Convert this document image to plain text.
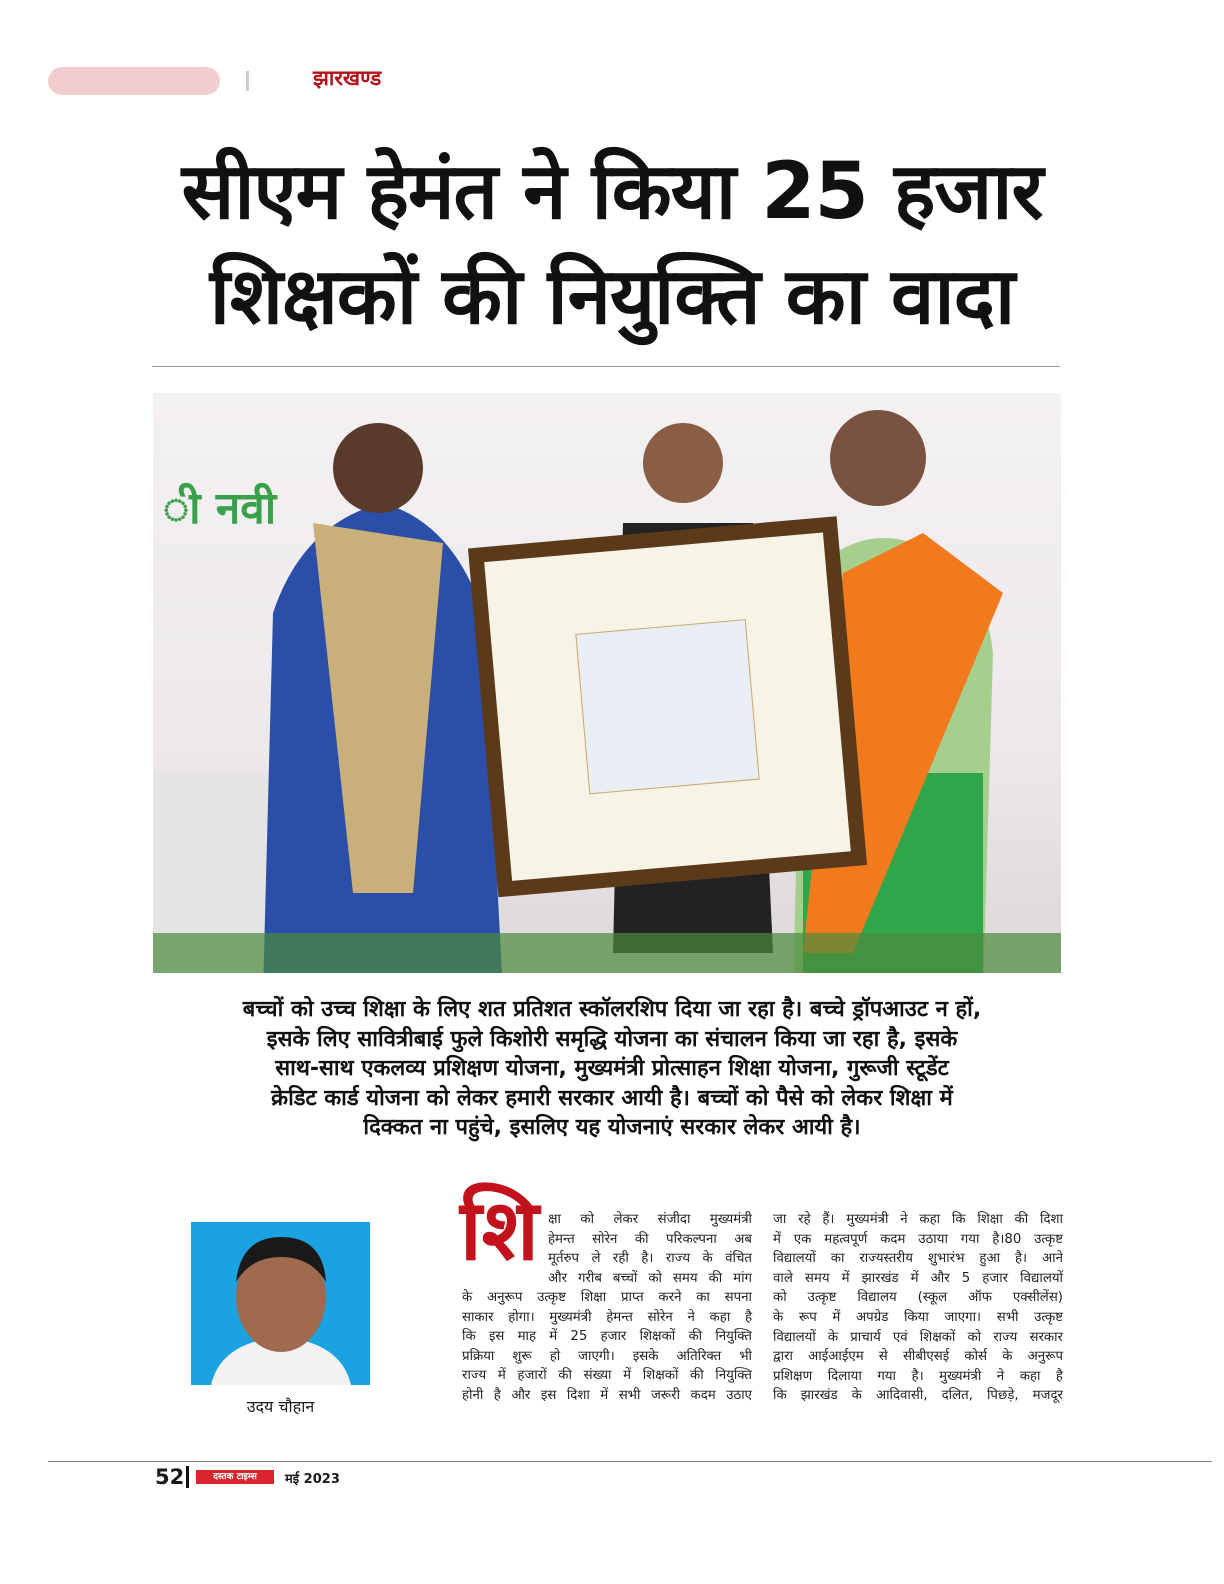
झारखण्ड
सीएम हेमंत ने किया 25 हजार
शिक्षकों की नियुक्ति का वादा
ी नवी
बच्चों को उच्च शिक्षा के लिए शत प्रतिशत स्कॉलरशिप दिया जा रहा है। बच्चे ड्रॉपआउट न हों,
इसके लिए सावित्रीबाई फुले किशोरी समृद्धि योजना का संचालन किया जा रहा है, इसके
साथ-साथ एकलव्य प्रशिक्षण योजना, मुख्यमंत्री प्रोत्साहन शिक्षा योजना, गुरूजी स्टूडेंट
क्रेडिट कार्ड योजना को लेकर हमारी सरकार आयी है। बच्चों को पैसे को लेकर शिक्षा में
दिक्कत ना पहुंचे, इसलिए यह योजनाएं सरकार लेकर आयी है।
उदय चौहान
शि क्षा को लेकर संजीदा मुख्यमंत्री
हेमन्त सोरेन की परिकल्पना अब
मूर्तरुप ले रही है। राज्य के वंचित
और गरीब बच्चों को समय की मांग
के अनुरूप उत्कृष्ट शिक्षा प्राप्त करने का सपना
साकार होगा। मुख्यमंत्री हेमन्त सोरेन ने कहा है
कि इस माह में 25 हजार शिक्षकों की नियुक्ति
प्रक्रिया शुरू हो जाएगी। इसके अतिरिक्त भी
राज्य में हजारों की संख्या में शिक्षकों की नियुक्ति
होनी है और इस दिशा में सभी जरूरी कदम उठाए
जा रहे हैं। मुख्यमंत्री ने कहा कि शिक्षा की दिशा
में एक महत्वपूर्ण कदम उठाया गया है।80 उत्कृष्ट
विद्यालयों का राज्यस्तरीय शुभारंभ हुआ है। आने
वाले समय में झारखंड में और 5 हजार विद्यालयों
को उत्कृष्ट विद्यालय (स्कूल ऑफ एक्सीलेंस)
के रूप में अपग्रेड किया जाएगा। सभी उत्कृष्ट
विद्यालयों के प्राचार्य एवं शिक्षकों को राज्य सरकार
द्वारा आईआईएम से सीबीएसई कोर्स के अनुरूप
प्रशिक्षण दिलाया गया है। मुख्यमंत्री ने कहा है
कि झारखंड के आदिवासी, दलित, पिछड़े, मजदूर
52	दस्तक टाइम्स	मई 2023
